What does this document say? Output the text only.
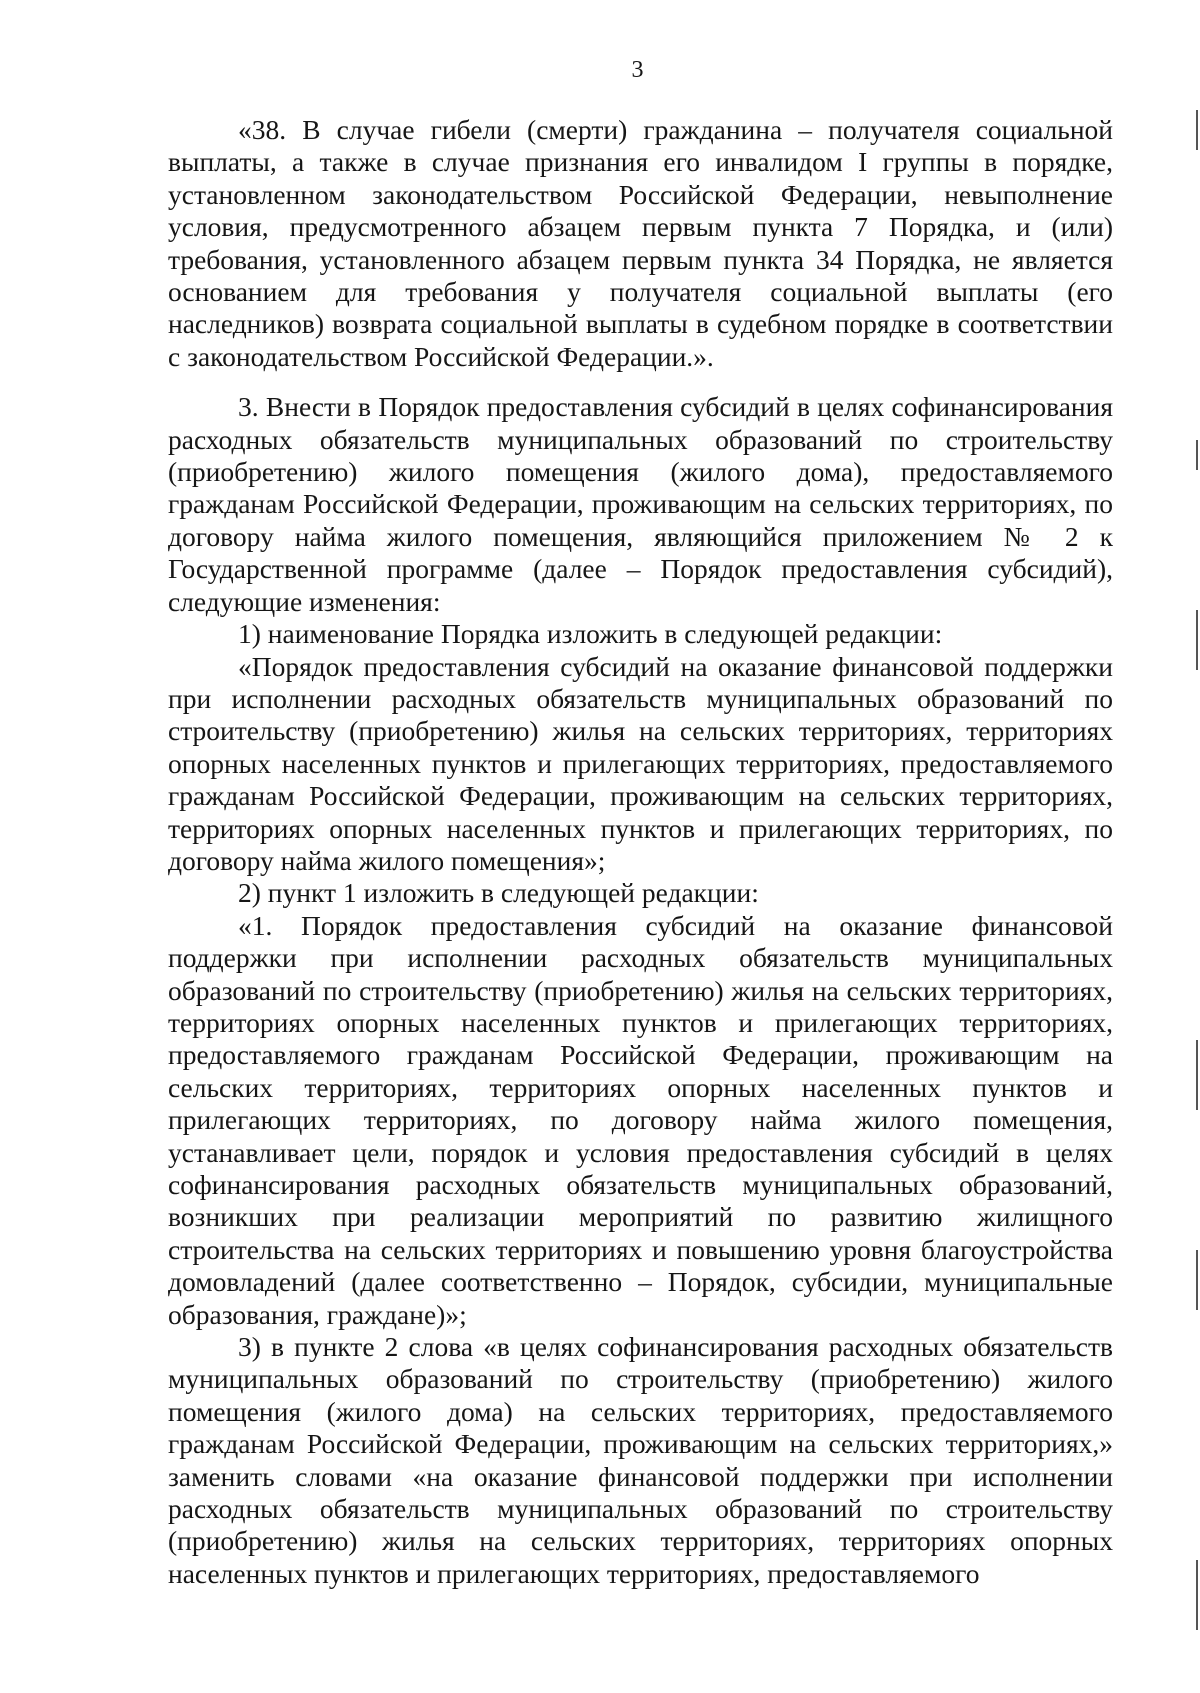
3

«38. В случае гибели (смерти) гражданина – получателя социальной выплаты, а также в случае признания его инвалидом I группы в порядке, установленном законодательством Российской Федерации, невыполнение условия, предусмотренного абзацем первым пункта 7 Порядка, и (или) требования, установленного абзацем первым пункта 34 Порядка, не является основанием для требования у получателя социальной выплаты (его наследников) возврата социальной выплаты в судебном порядке в соответствии с законодательством Российской Федерации.».

3. Внести в Порядок предоставления субсидий в целях софинансирования расходных обязательств муниципальных образований по строительству (приобретению) жилого помещения (жилого дома), предоставляемого гражданам Российской Федерации, проживающим на сельских территориях, по договору найма жилого помещения, являющийся приложением № 2 к Государственной программе (далее – Порядок предоставления субсидий), следующие изменения:

1) наименование Порядка изложить в следующей редакции:

«Порядок предоставления субсидий на оказание финансовой поддержки при исполнении расходных обязательств муниципальных образований по строительству (приобретению) жилья на сельских территориях, территориях опорных населенных пунктов и прилегающих территориях, предоставляемого гражданам Российской Федерации, проживающим на сельских территориях, территориях опорных населенных пунктов и прилегающих территориях, по договору найма жилого помещения»;

2) пункт 1 изложить в следующей редакции:

«1. Порядок предоставления субсидий на оказание финансовой поддержки при исполнении расходных обязательств муниципальных образований по строительству (приобретению) жилья на сельских территориях, территориях опорных населенных пунктов и прилегающих территориях, предоставляемого гражданам Российской Федерации, проживающим на сельских территориях, территориях опорных населенных пунктов и прилегающих территориях, по договору найма жилого помещения, устанавливает цели, порядок и условия предоставления субсидий в целях софинансирования расходных обязательств муниципальных образований, возникших при реализации мероприятий по развитию жилищного строительства на сельских территориях и повышению уровня благоустройства домовладений (далее соответственно – Порядок, субсидии, муниципальные образования, граждане)»;

3) в пункте 2 слова «в целях софинансирования расходных обязательств муниципальных образований по строительству (приобретению) жилого помещения (жилого дома) на сельских территориях, предоставляемого гражданам Российской Федерации, проживающим на сельских территориях,» заменить словами «на оказание финансовой поддержки при исполнении расходных обязательств муниципальных образований по строительству (приобретению) жилья на сельских территориях, территориях опорных населенных пунктов и прилегающих территориях, предоставляемого
